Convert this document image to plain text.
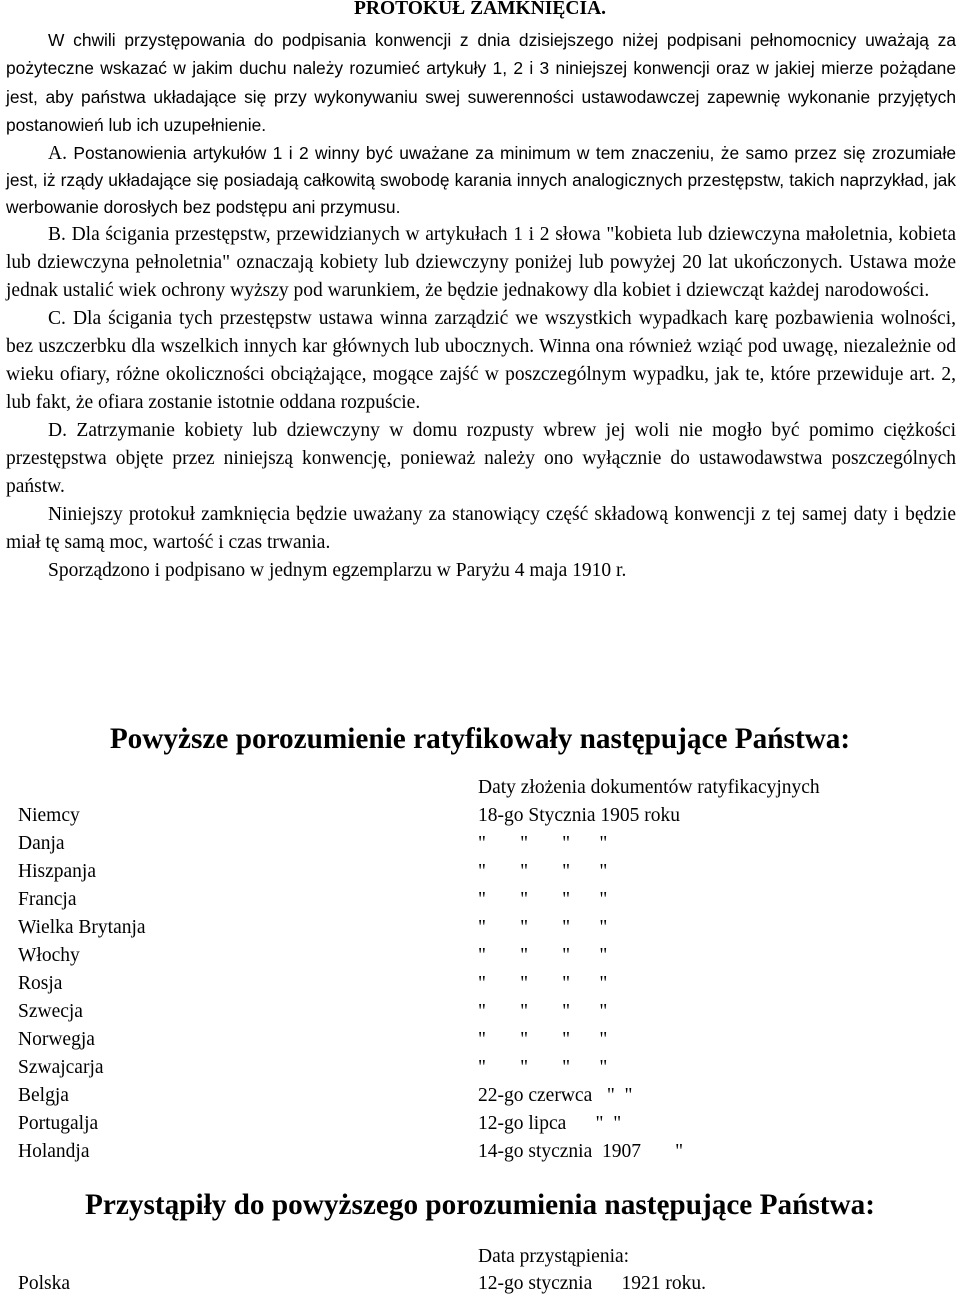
PROTOKUŁ ZAMKNIĘCIA.

W chwili przystępowania do podpisania konwencji z dnia dzisiejszego niżej podpisani pełnomocnicy uważają za pożyteczne wskazać w jakim duchu należy rozumieć artykuły 1, 2 i 3 niniejszej konwencji oraz w jakiej mierze pożądane jest, aby państwa układające się przy wykonywaniu swej suwerenności ustawodawczej zapewnię wykonanie przyjętych postanowień lub ich uzupełnienie.

A. Postanowienia artykułów 1 i 2 winny być uważane za minimum w tem znaczeniu, że samo przez się zrozumiałe jest, iż rządy układające się posiadają całkowitą swobodę karania innych analogicznych przestępstw, takich naprzykład, jak werbowanie dorosłych bez podstępu ani przymusu.

B. Dla ścigania przestępstw, przewidzianych w artykułach 1 i 2 słowa "kobieta lub dziewczyna małoletnia, kobieta lub dziewczyna pełnoletnia" oznaczają kobiety lub dziewczyny poniżej lub powyżej 20 lat ukończonych. Ustawa może jednak ustalić wiek ochrony wyższy pod warunkiem, że będzie jednakowy dla kobiet i dziewcząt każdej narodowości.

C. Dla ścigania tych przestępstw ustawa winna zarządzić we wszystkich wypadkach karę pozbawienia wolności, bez uszczerbku dla wszelkich innych kar głównych lub ubocznych. Winna ona również wziąć pod uwagę, niezależnie od wieku ofiary, różne okoliczności obciążające, mogące zajść w poszczególnym wypadku, jak te, które przewiduje art. 2, lub fakt, że ofiara zostanie istotnie oddana rozpuście.

D. Zatrzymanie kobiety lub dziewczyny w domu rozpusty wbrew jej woli nie mogło być pomimo ciężkości przestępstwa objęte przez niniejszą konwencję, ponieważ należy ono wyłącznie do ustawodawstwa poszczególnych państw.

Niniejszy protokuł zamknięcia będzie uważany za stanowiący część składową konwencji z tej samej daty i będzie miał tę samą moc, wartość i czas trwania.

Sporządzono i podpisano w jednym egzemplarzu w Paryżu 4 maja 1910 r.

Powyższe porozumienie ratyfikowały następujące Państwa:
Daty złożenia dokumentów ratyfikacyjnych
Niemcy	18-go Stycznia 1905 roku
Danja	"       "       "      "
Hiszpanja	"       "       "      "
Francja	"       "       "      "
Wielka Brytanja	"       "       "      "
Włochy	"       "       "      "
Rosja	"       "       "      "
Szwecja	"       "       "      "
Norwegja	"       "       "      "
Szwajcarja	"       "       "      "
Belgja	22-go czerwca   "  "
Portugalja	12-go lipca      "  "
Holandja	14-go stycznia  1907       "
Przystąpiły do powyższego porozumienia następujące Państwa:
Data przystąpienia:
Polska	12-go stycznia      1921 roku.
